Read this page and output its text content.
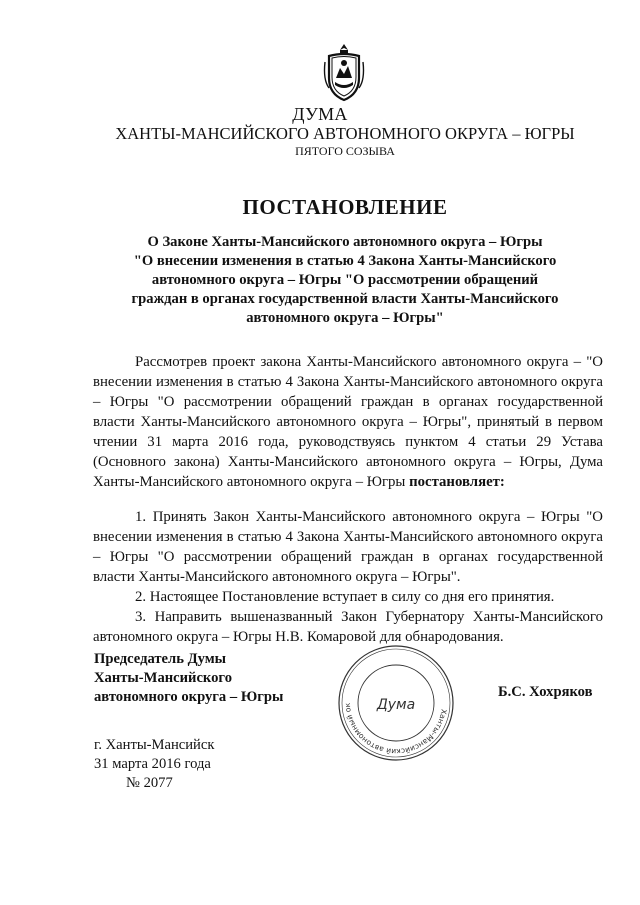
ДУМА
ХАНТЫ-МАНСИЙСКОГО АВТОНОМНОГО ОКРУГА – ЮГРЫ
ПЯТОГО СОЗЫВА
ПОСТАНОВЛЕНИЕ
О Законе Ханты-Мансийского автономного округа – Югры
"О внесении изменения в статью 4 Закона Ханты-Мансийского
автономного округа – Югры "О рассмотрении обращений
граждан в органах государственной власти Ханты-Мансийского
автономного округа – Югры"

Рассмотрев проект закона Ханты-Мансийского автономного округа – "О внесении изменения в статью 4 Закона Ханты-Мансийского автономного округа – Югры "О рассмотрении обращений граждан в органах государственной власти Ханты-Мансийского автономного округа – Югры", принятый в первом чтении 31 марта 2016 года, руководствуясь пунктом 4 статьи 29 Устава (Основного закона) Ханты-Мансийского автономного округа – Югры, Дума Ханты-Мансийского автономного округа – Югры постановляет:

1. Принять Закон Ханты-Мансийского автономного округа – Югры "О внесении изменения в статью 4 Закона Ханты-Мансийского автономного округа – Югры "О рассмотрении обращений граждан в органах государственной власти Ханты-Мансийского автономного округа – Югры".

2. Настоящее Постановление вступает в силу со дня его принятия.

3. Направить вышеназванный Закон Губернатору Ханты-Мансийского автономного округа – Югры Н.В. Комаровой для обнародования.

Председатель Думы
Ханты-Мансийского
автономного округа – Югры
Ханты-Мансийский автономный ок	Дума
Б.С. Хохряков
г. Ханты-Мансийск
31 марта 2016 года
№ 2077
